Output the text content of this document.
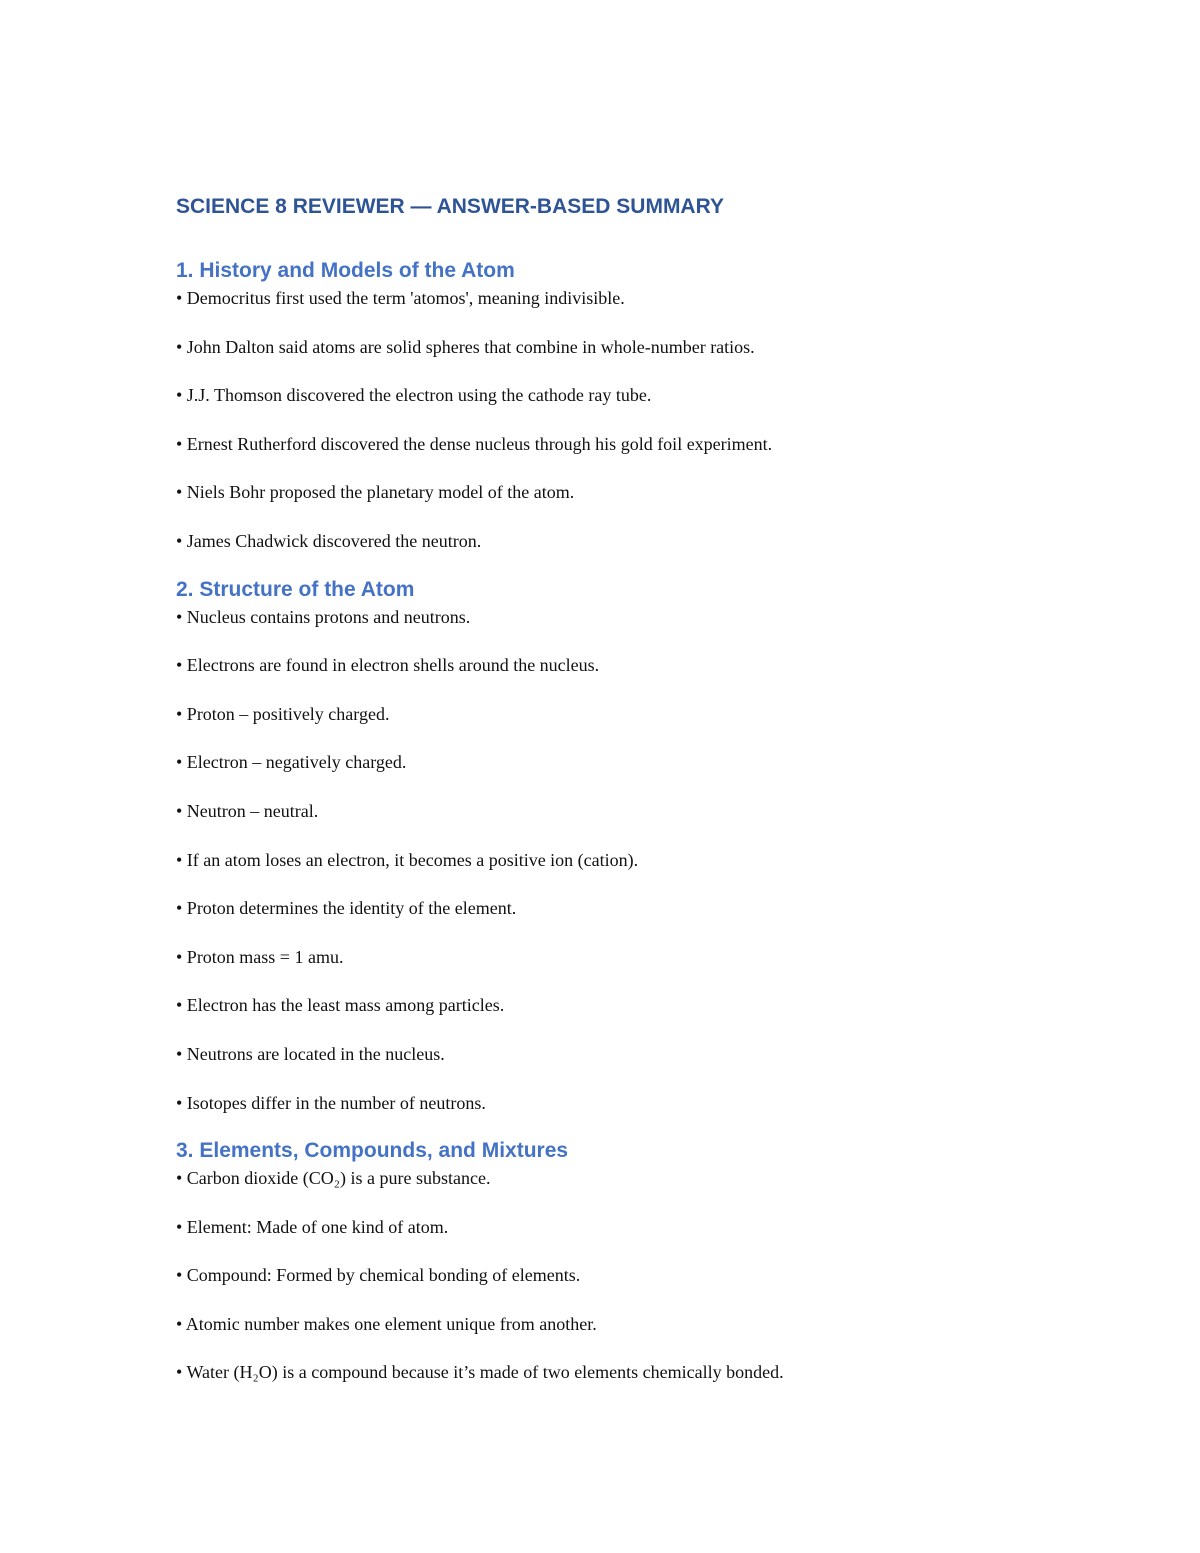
SCIENCE 8 REVIEWER — ANSWER-BASED SUMMARY
1. History and Models of the Atom
• Democritus first used the term 'atomos', meaning indivisible.
• John Dalton said atoms are solid spheres that combine in whole-number ratios.
• J.J. Thomson discovered the electron using the cathode ray tube.
• Ernest Rutherford discovered the dense nucleus through his gold foil experiment.
• Niels Bohr proposed the planetary model of the atom.
• James Chadwick discovered the neutron.
2. Structure of the Atom
• Nucleus contains protons and neutrons.
• Electrons are found in electron shells around the nucleus.
• Proton – positively charged.
• Electron – negatively charged.
• Neutron – neutral.
• If an atom loses an electron, it becomes a positive ion (cation).
• Proton determines the identity of the element.
• Proton mass = 1 amu.
• Electron has the least mass among particles.
• Neutrons are located in the nucleus.
• Isotopes differ in the number of neutrons.
3. Elements, Compounds, and Mixtures
• Carbon dioxide (CO₂) is a pure substance.
• Element: Made of one kind of atom.
• Compound: Formed by chemical bonding of elements.
• Atomic number makes one element unique from another.
• Water (H₂O) is a compound because it’s made of two elements chemically bonded.
